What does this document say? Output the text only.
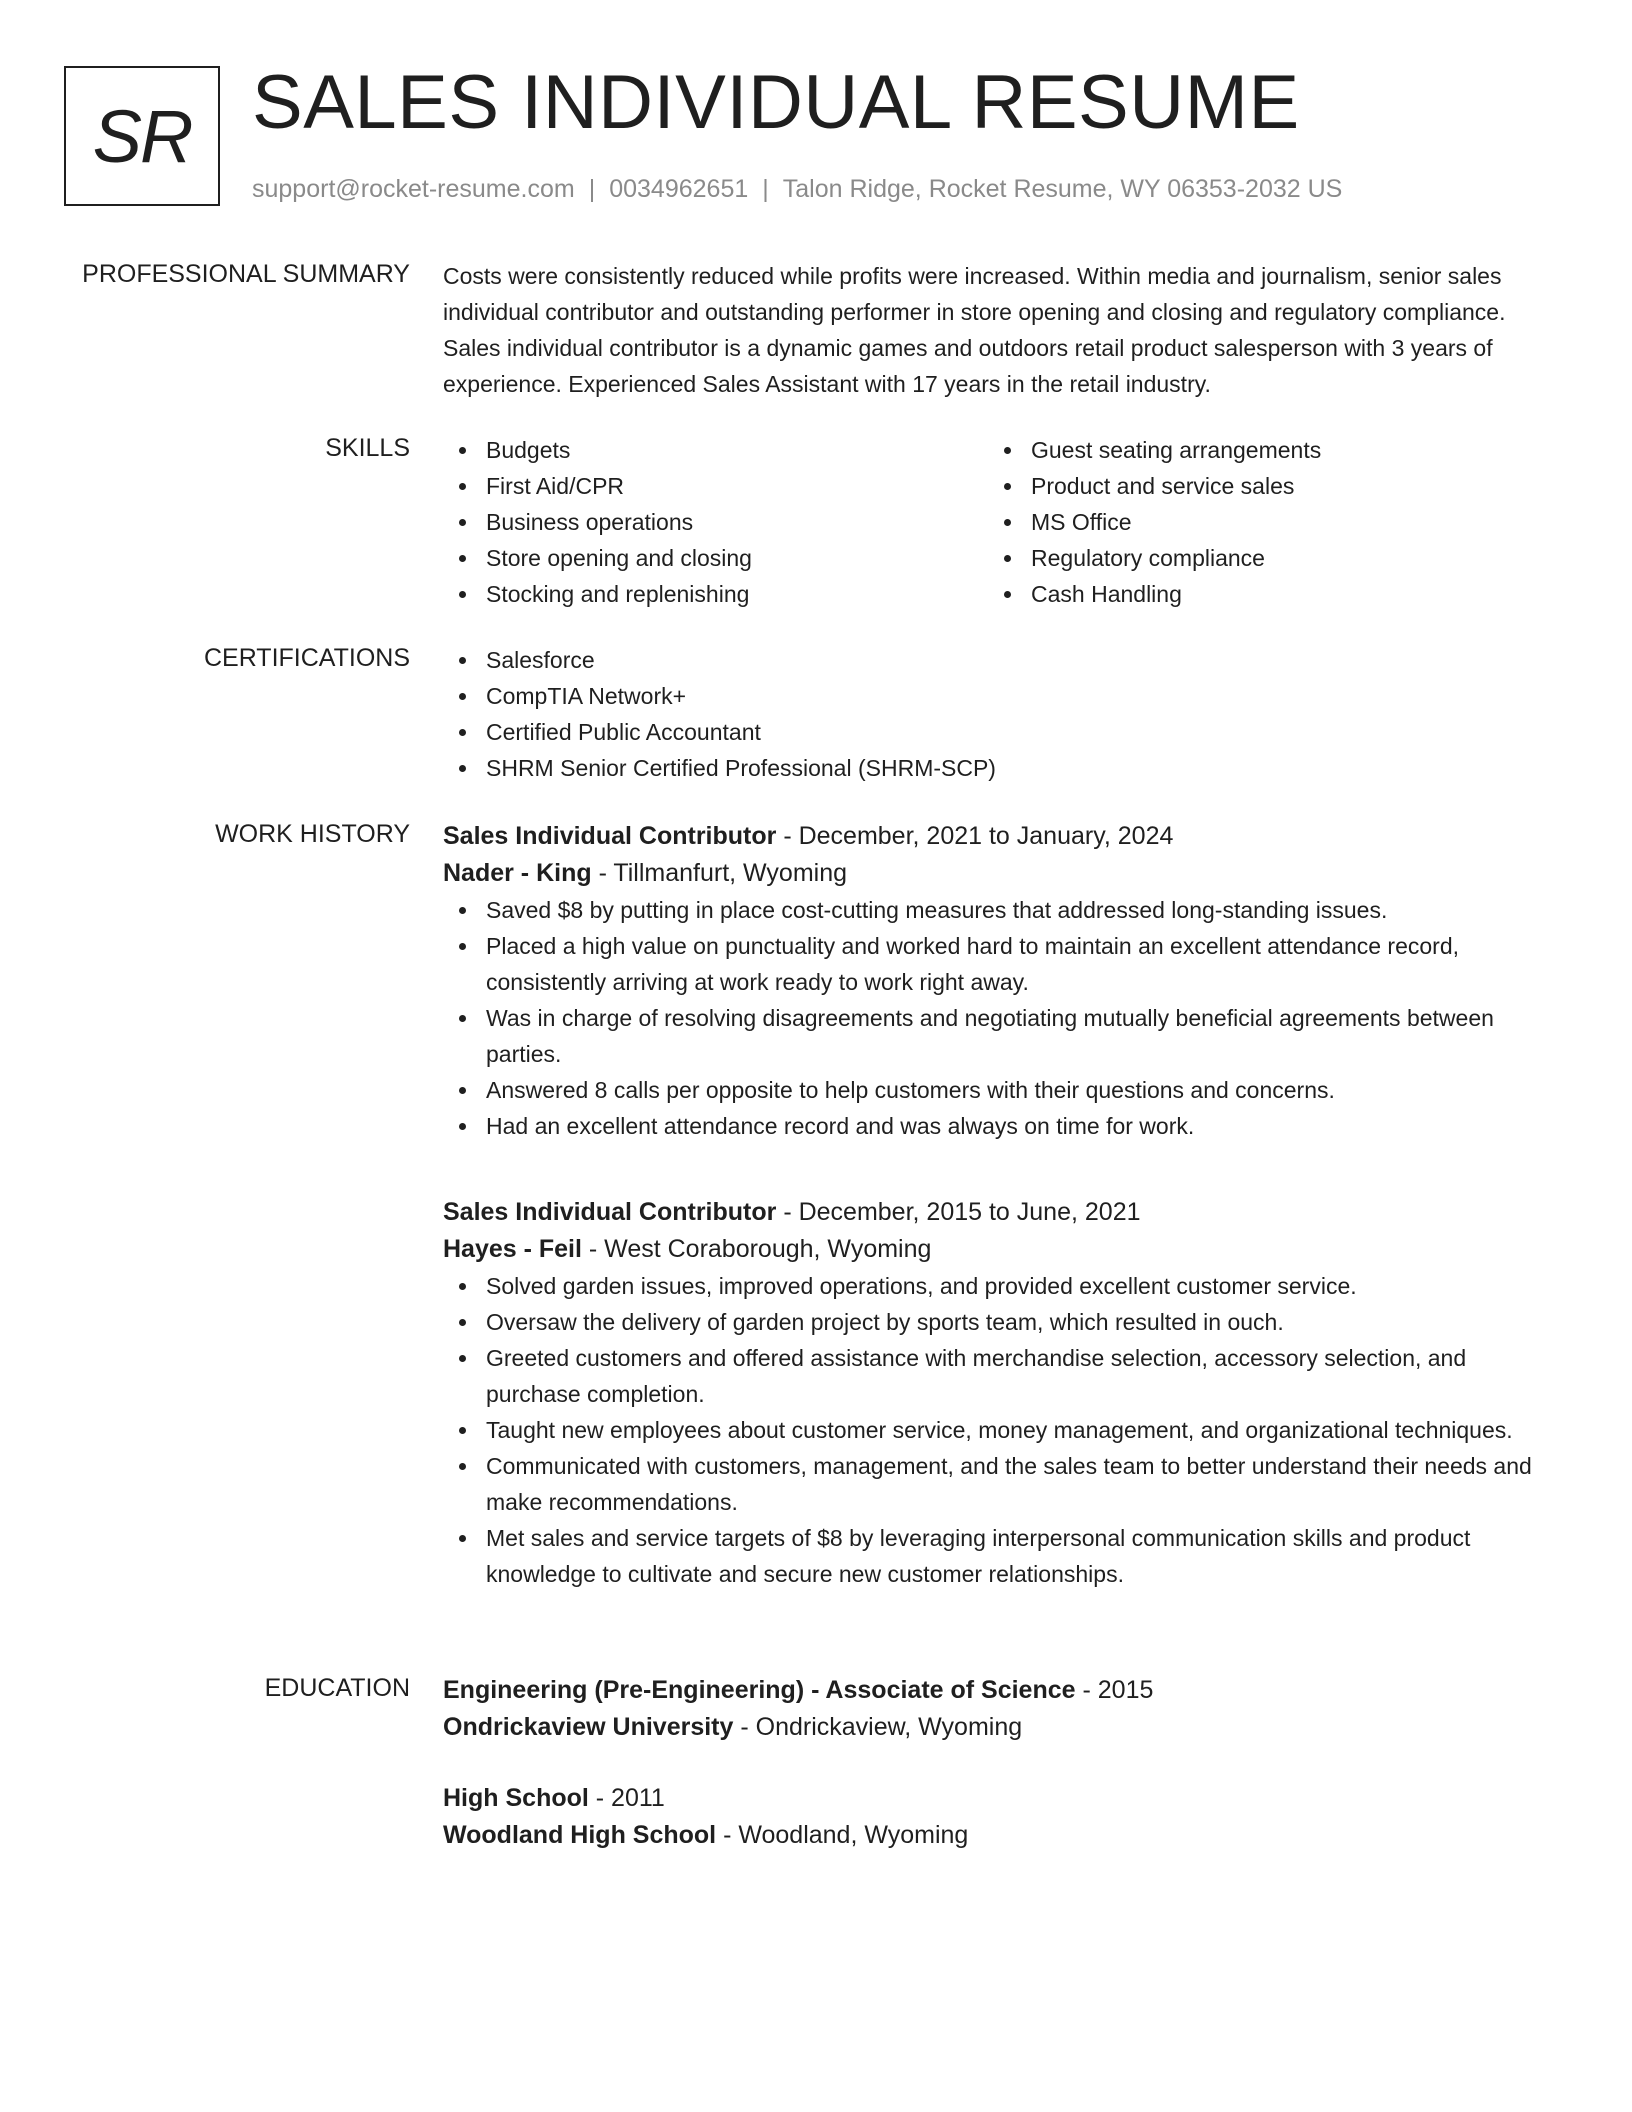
SR SALES INDIVIDUAL RESUME
support@rocket-resume.com | 0034962651 | Talon Ridge, Rocket Resume, WY 06353-2032 US
PROFESSIONAL SUMMARY Costs were consistently reduced while profits were increased. Within media and journalism, senior sales individual contributor and outstanding performer in store opening and closing and regulatory compliance. Sales individual contributor is a dynamic games and outdoors retail product salesperson with 3 years of experience. Experienced Sales Assistant with 17 years in the retail industry.

SKILLS	Budgets
First Aid/CPR
Business operations
Store opening and closing
Stocking and replenishing
Guest seating arrangements
Product and service sales
MS Office
Regulatory compliance
Cash Handling
CERTIFICATIONS	Salesforce
CompTIA Network+
Certified Public Accountant
SHRM Senior Certified Professional (SHRM-SCP)
WORK HISTORY Sales Individual Contributor - December, 2021 to January, 2024
Nader - King - Tillmanfurt, Wyoming
Saved $8 by putting in place cost-cutting measures that addressed long-standing issues.
Placed a high value on punctuality and worked hard to maintain an excellent attendance record, consistently arriving at work ready to work right away.
Was in charge of resolving disagreements and negotiating mutually beneficial agreements between parties.
Answered 8 calls per opposite to help customers with their questions and concerns.
Had an excellent attendance record and was always on time for work.
Sales Individual Contributor - December, 2015 to June, 2021
Hayes - Feil - West Coraborough, Wyoming
Solved garden issues, improved operations, and provided excellent customer service.
Oversaw the delivery of garden project by sports team, which resulted in ouch.
Greeted customers and offered assistance with merchandise selection, accessory selection, and purchase completion.
Taught new employees about customer service, money management, and organizational techniques.
Communicated with customers, management, and the sales team to better understand their needs and make recommendations.
Met sales and service targets of $8 by leveraging interpersonal communication skills and product knowledge to cultivate and secure new customer relationships.
EDUCATION Engineering (Pre-Engineering) - Associate of Science - 2015
Ondrickaview University - Ondrickaview, Wyoming
High School - 2011
Woodland High School - Woodland, Wyoming
